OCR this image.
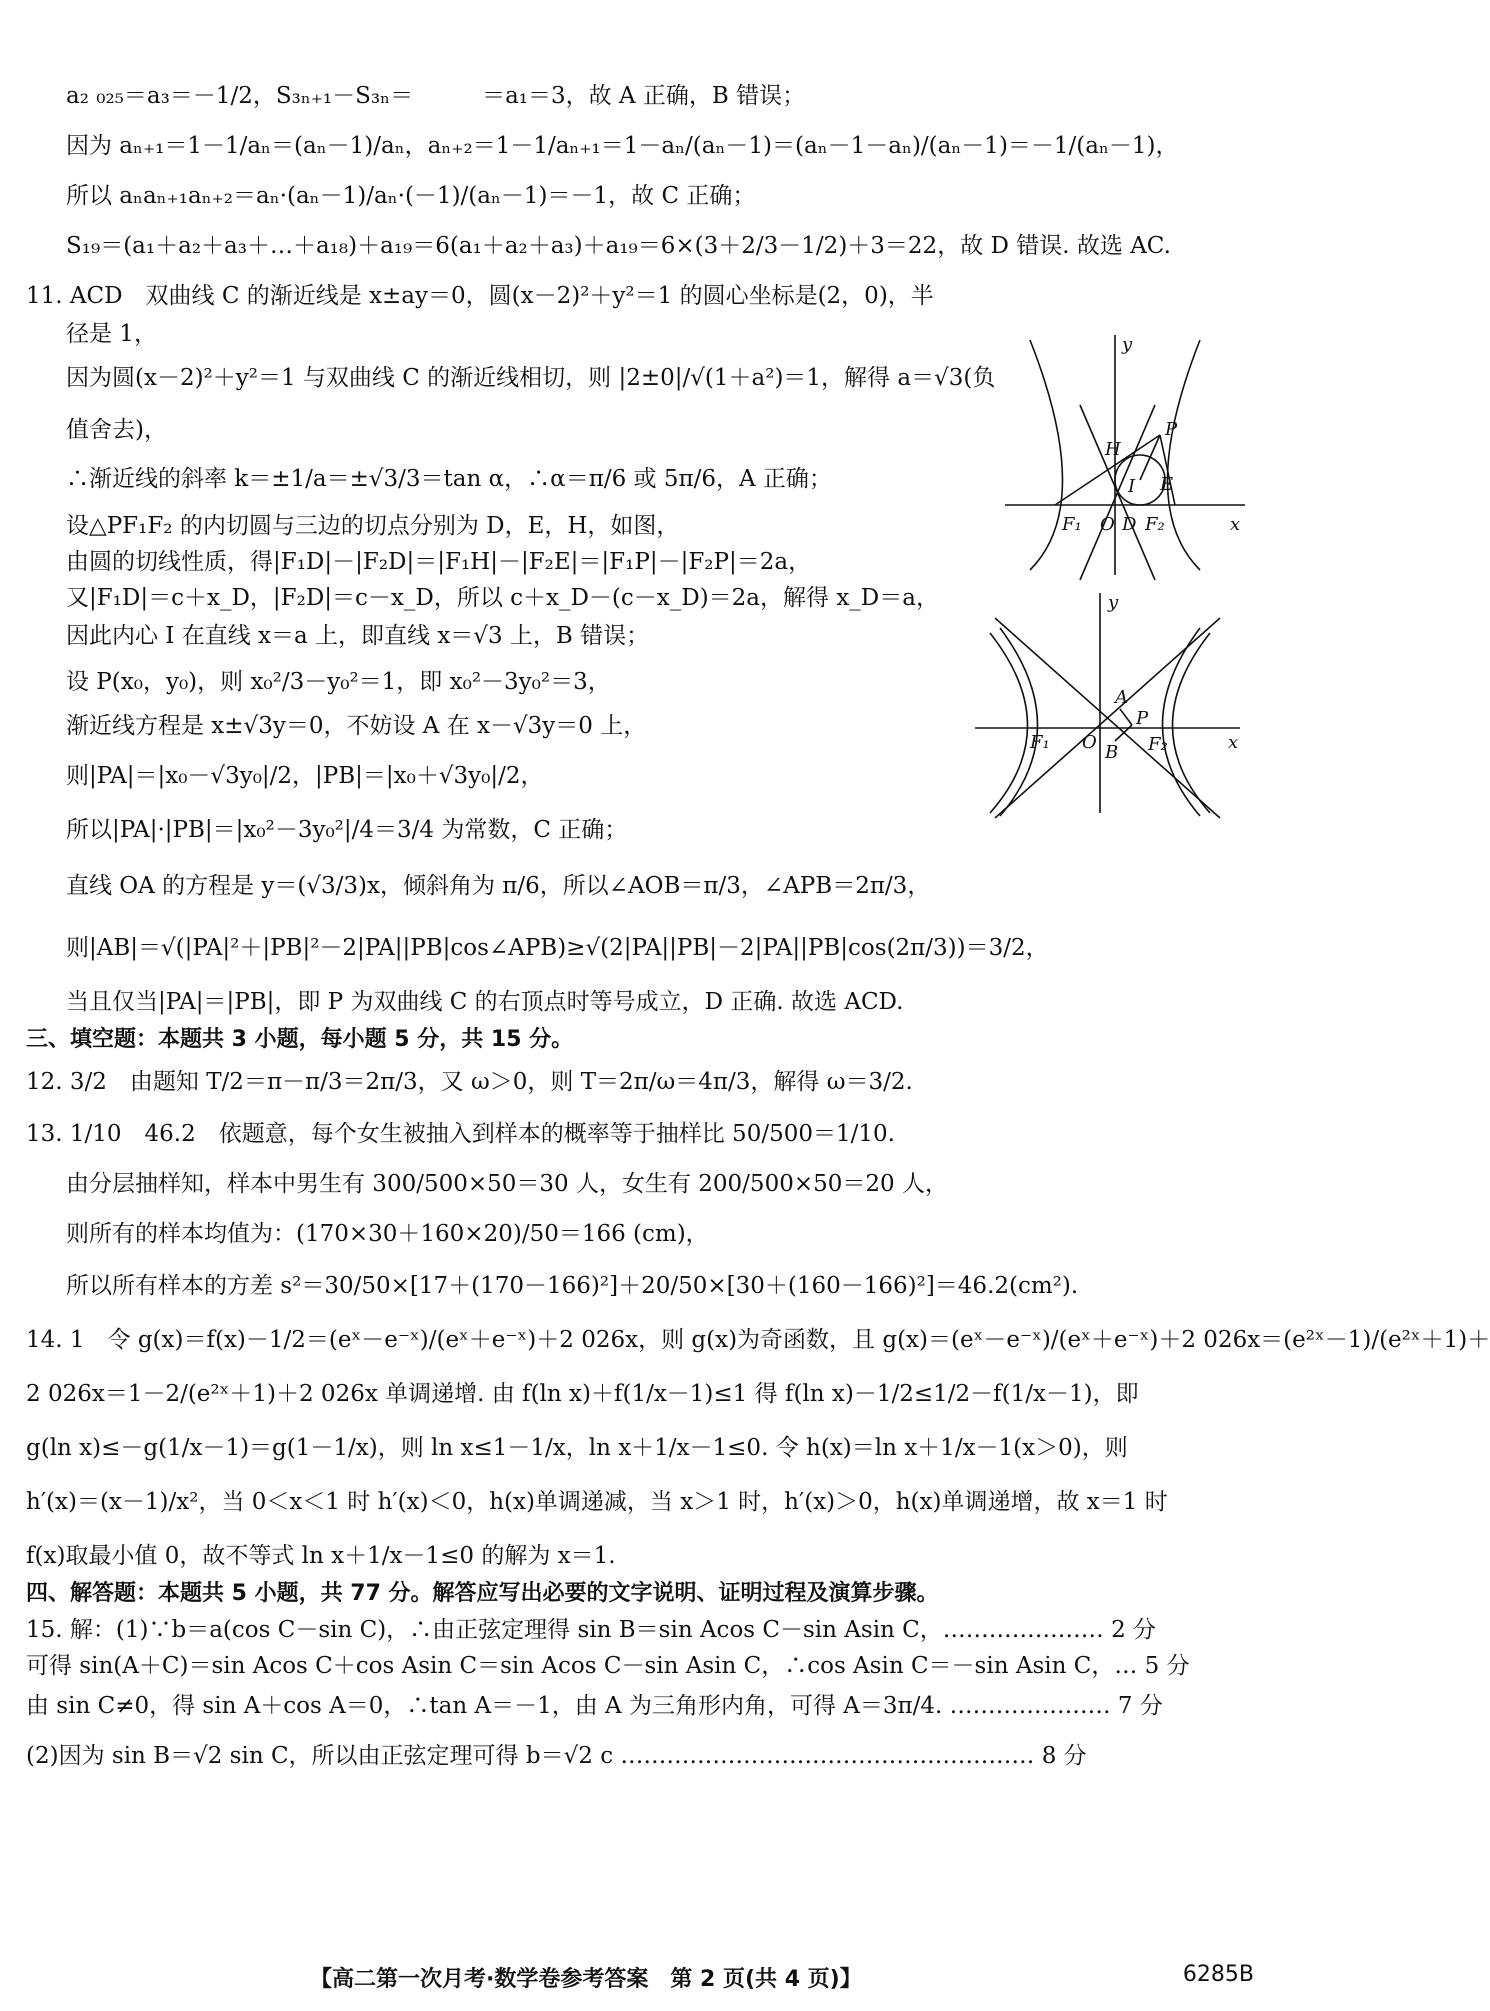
a₂ ₀₂₅＝a₃＝－1/2，S₃ₙ₊₁－S₃ₙ＝　　　＝a₁＝3，故 A 正确，B 错误；
因为 aₙ₊₁＝1－1/aₙ＝(aₙ－1)/aₙ，aₙ₊₂＝1－1/aₙ₊₁＝1－aₙ/(aₙ－1)＝(aₙ－1－aₙ)/(aₙ－1)＝－1/(aₙ－1)，
所以 aₙaₙ₊₁aₙ₊₂＝aₙ·(aₙ－1)/aₙ·(－1)/(aₙ－1)＝－1，故 C 正确；
S₁₉＝(a₁＋a₂＋a₃＋…＋a₁₈)＋a₁₉＝6(a₁＋a₂＋a₃)＋a₁₉＝6×(3＋2/3－1/2)＋3＝22，故 D 错误. 故选 AC.
11. ACD　双曲线 C 的渐近线是 x±ay＝0，圆(x－2)²＋y²＝1 的圆心坐标是(2，0)，半
径是 1，
因为圆(x－2)²＋y²＝1 与双曲线 C 的渐近线相切，则 |2±0|/√(1＋a²)＝1，解得 a＝√3(负
值舍去)，
∴渐近线的斜率 k＝±1/a＝±√3/3＝tan α，∴α＝π/6 或 5π/6，A 正确；
设△PF₁F₂ 的内切圆与三边的切点分别为 D，E，H，如图，
由圆的切线性质，得|F₁D|－|F₂D|＝|F₁H|－|F₂E|＝|F₁P|－|F₂P|＝2a，
又|F₁D|＝c＋x_D，|F₂D|＝c－x_D，所以 c＋x_D－(c－x_D)＝2a，解得 x_D＝a，
因此内心 I 在直线 x＝a 上，即直线 x＝√3 上，B 错误；
设 P(x₀，y₀)，则 x₀²/3－y₀²＝1，即 x₀²－3y₀²＝3，
渐近线方程是 x±√3y＝0，不妨设 A 在 x－√3y＝0 上，
则|PA|＝|x₀－√3y₀|/2，|PB|＝|x₀＋√3y₀|/2，
所以|PA|·|PB|＝|x₀²－3y₀²|/4＝3/4 为常数，C 正确；
直线 OA 的方程是 y＝(√3/3)x，倾斜角为 π/6，所以∠AOB＝π/3，∠APB＝2π/3，
则|AB|＝√(|PA|²＋|PB|²－2|PA||PB|cos∠APB)≥√(2|PA||PB|－2|PA||PB|cos(2π/3))＝3/2，
当且仅当|PA|＝|PB|，即 P 为双曲线 C 的右顶点时等号成立，D 正确. 故选 ACD.
三、填空题：本题共 3 小题，每小题 5 分，共 15 分。
12. 3/2　由题知 T/2＝π－π/3＝2π/3，又 ω＞0，则 T＝2π/ω＝4π/3，解得 ω＝3/2.
13. 1/10　46.2　依题意，每个女生被抽入到样本的概率等于抽样比 50/500＝1/10.
由分层抽样知，样本中男生有 300/500×50＝30 人，女生有 200/500×50＝20 人，
则所有的样本均值为：(170×30＋160×20)/50＝166 (cm)，
所以所有样本的方差 s²＝30/50×[17＋(170－166)²]＋20/50×[30＋(160－166)²]＝46.2(cm²).
14. 1　令 g(x)＝f(x)－1/2＝(eˣ－e⁻ˣ)/(eˣ＋e⁻ˣ)＋2 026x，则 g(x)为奇函数，且 g(x)＝(eˣ－e⁻ˣ)/(eˣ＋e⁻ˣ)＋2 026x＝(e²ˣ－1)/(e²ˣ＋1)＋
2 026x＝1－2/(e²ˣ＋1)＋2 026x 单调递增. 由 f(ln x)＋f(1/x－1)≤1 得 f(ln x)－1/2≤1/2－f(1/x－1)，即
g(ln x)≤－g(1/x－1)＝g(1－1/x)，则 ln x≤1－1/x，ln x＋1/x－1≤0. 令 h(x)＝ln x＋1/x－1(x＞0)，则
h′(x)＝(x－1)/x²，当 0＜x＜1 时 h′(x)＜0，h(x)单调递减，当 x＞1 时，h′(x)＞0，h(x)单调递增，故 x＝1 时
f(x)取最小值 0，故不等式 ln x＋1/x－1≤0 的解为 x＝1.
四、解答题：本题共 5 小题，共 77 分。解答应写出必要的文字说明、证明过程及演算步骤。
15. 解：(1)∵b＝a(cos C－sin C)，∴由正弦定理得 sin B＝sin Acos C－sin Asin C，………………… 2 分
可得 sin(A＋C)＝sin Acos C＋cos Asin C＝sin Acos C－sin Asin C，∴cos Asin C＝－sin Asin C，… 5 分
由 sin C≠0，得 sin A＋cos A＝0，∴tan A＝－1，由 A 为三角形内角，可得 A＝3π/4. ………………… 7 分
(2)因为 sin B＝√2 sin C，所以由正弦定理可得 b＝√2 c ……………………………………………… 8 分
y
x
H
P
I E
F₁ O D F₂
y
x
A
P
F₁ O B F₂
【高二第一次月考·数学卷参考答案　第 2 页(共 4 页)】	6285B
